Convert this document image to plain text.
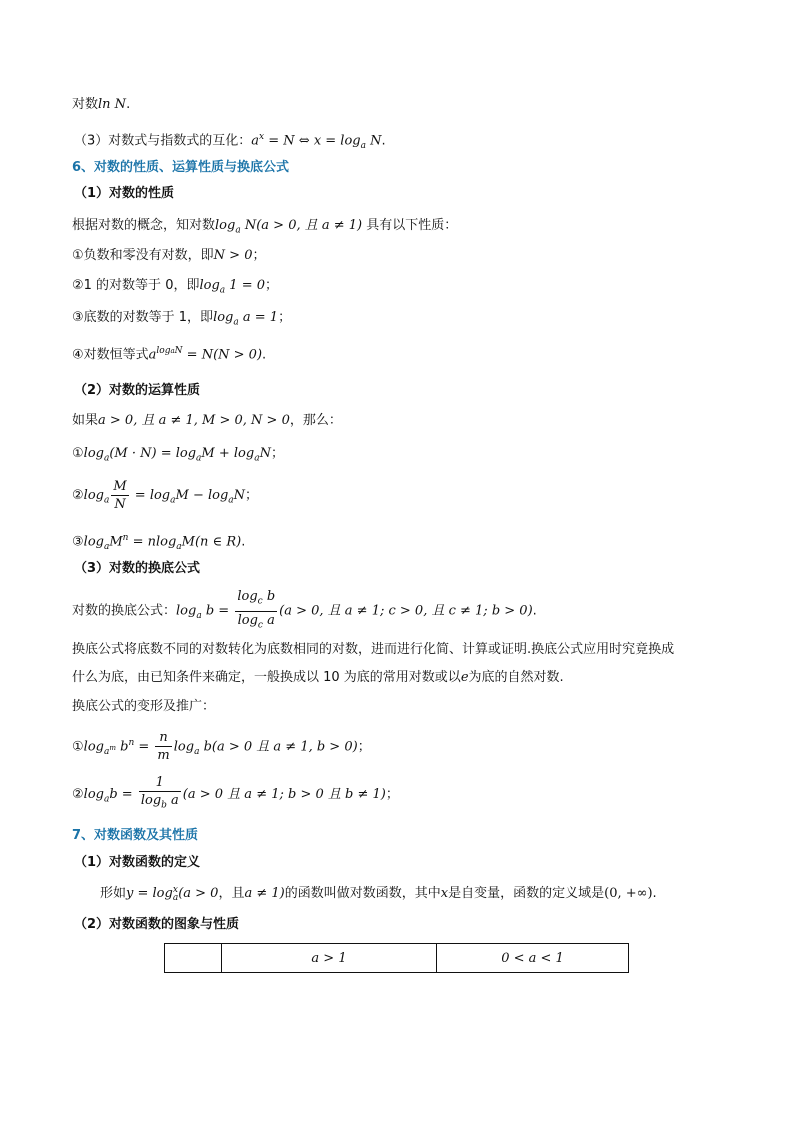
对数ln N.
（3）对数式与指数式的互化：$a^x = N$ ⇔ $x = \log_a N$.
6、对数的性质、运算性质与换底公式
（1）对数的性质
根据对数的概念，知对数$\log_a N(a > 0$, 且 a ≠ 1) 具有以下性质：
①负数和零没有对数，即N > 0；
②1 的对数等于 0，即$\log_a 1 = 0$；
③底数的对数等于 1，即$\log_a a = 1$；
④对数恒等式$a^{logaN} = N(N > 0)$.
（2）对数的运算性质
如果a > 0, 且 a ≠ 1, M > 0, N > 0，那么：
$①\log_a(M \cdot N) = \log_aM + \log_aN$；
$②\log_a \frac{M}{N} = \log_aM - \log_aN$；
$③\log_aM^n = nlog_aM(n$ ∈ R).
（3）对数的换底公式
对数的换底公式：$\log_a b = \frac{\log_c b}{\log_c a} (a > 0$, 且 a ≠ 1; c > 0, 且 c ≠ 1; b > 0).
换底公式将底数不同的对数转化为底数相同的对数，进而进行化简、计算或证明.换底公式应用时究竟换成
什么为底，由已知条件来确定，一般换成以 10 为底的常用对数或以e为底的自然对数.
换底公式的变形及推广：
$①\log_{a^m}$ $b^n = \frac{n}{m} \log_a b(a > 0$ 且 a ≠ 1, b > 0)；
$②\log_ab = \frac{1}{\log_b a} (a > 0$ 且 a ≠ 1; b > 0 且 b ≠ 1)；
7、对数函数及其性质
（1）对数函数的定义
形如y = log x
a (a > 0，且a ≠ 1)的函数叫做对数函数，其中x是自变量，函数的定义域是(0, +∞).
（2）对数函数的图象与性质
	a > 1	0 < a < 1
